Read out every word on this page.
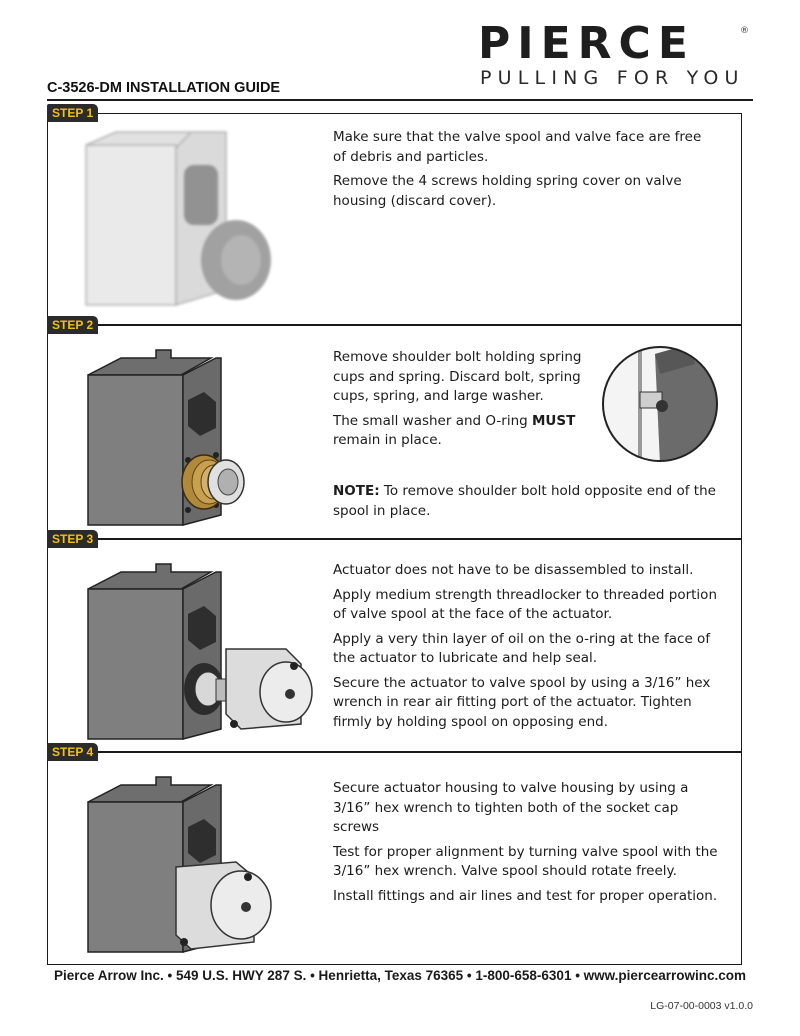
PIERCE	®
PULLING FOR YOU
C-3526-DM INSTALLATION GUIDE
STEP 1

Make sure that the valve spool and valve face are free of debris and particles.

Remove the 4 screws holding spring cover on valve housing (discard cover).

STEP 2

Remove shoulder bolt holding spring cups and spring. Discard bolt, spring cups, spring, and large washer.

The small washer and O-ring MUST remain in place.

NOTE: To remove shoulder bolt hold opposite end of the spool in place.

STEP 3

Actuator does not have to be disassembled to install.

Apply medium strength threadlocker to threaded portion of valve spool at the face of the actuator.

Apply a very thin layer of oil on the o-ring at the face of the actuator to lubricate and help seal.

Secure the actuator to valve spool by using a 3/16” hex wrench in rear air fitting port of the actuator. Tighten firmly by holding spool on opposing end.

STEP 4

Secure actuator housing to valve housing by using a 3/16” hex wrench to tighten both of the socket cap screws

Test for proper alignment by turning valve spool with the 3/16” hex wrench. Valve spool should rotate freely.

Install fittings and air lines and test for proper operation.

Pierce Arrow Inc. • 549 U.S. HWY 287 S. • Henrietta, Texas 76365 • 1-800-658-6301 • www.piercearrowinc.com
LG-07-00-0003 v1.0.0
